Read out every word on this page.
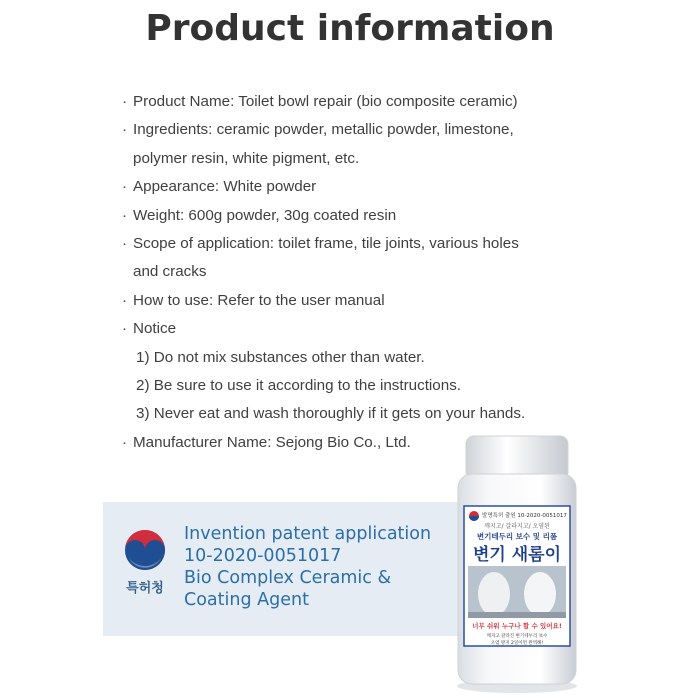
Product information
· Product Name: Toilet bowl repair (bio composite ceramic)
· Ingredients: ceramic powder, metallic powder, limestone,
polymer resin, white pigment, etc.
· Appearance: White powder
· Weight: 600g powder, 30g coated resin
· Scope of application: toilet frame, tile joints, various holes
and cracks
· How to use: Refer to the user manual
· Notice
1) Do not mix substances other than water.
2) Be sure to use it according to the instructions.
3) Never eat and wash thoroughly if it gets on your hands.
· Manufacturer Name: Sejong Bio Co., Ltd.
특허청
Invention patent application
10-2020-0051017
Bio Complex Ceramic &
Coating Agent
발명특허 출원 10-2020-0051017
깨지고/ 갈라지고/ 오염된
변기테두리 보수 및 리폼
변기 새롬이
너무 쉬워 누구나 할 수 있어요!
깨지고 갈라진 변기테두리 보수
오염 방지 2일이면 완벽해!
